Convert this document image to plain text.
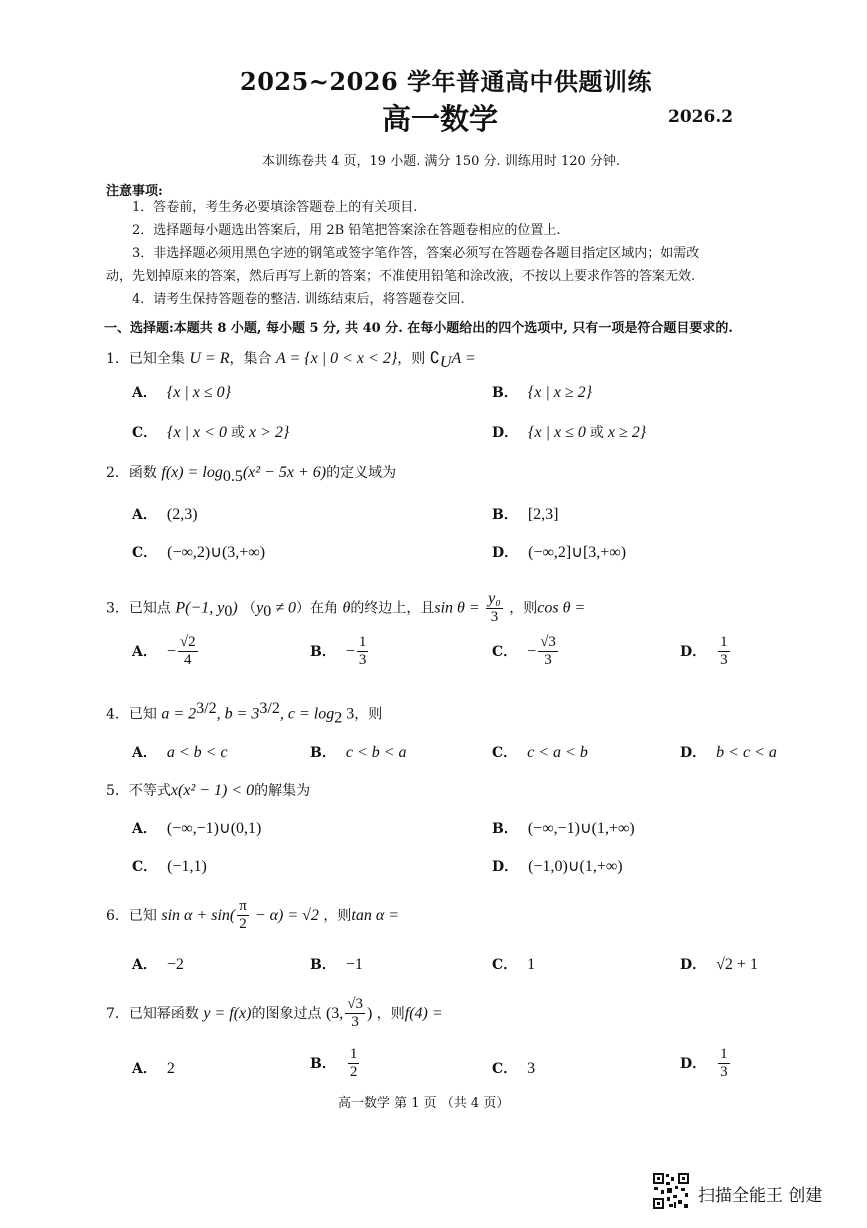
2025~2026 学年普通高中供题训练
高一数学	2026.2
本训练卷共 4 页，19 小题. 满分 150 分. 训练用时 120 分钟.
注意事项:
1．答卷前，考生务必要填涂答题卷上的有关项目.
2．选择题每小题选出答案后，用 2B 铅笔把答案涂在答题卷相应的位置上.
3．非选择题必须用黑色字迹的钢笔或签字笔作答，答案必须写在答题卷各题目指定区域内；如需改
动，先划掉原来的答案，然后再写上新的答案；不准使用铅笔和涂改液，不按以上要求作答的答案无效.
4．请考生保持答题卷的整洁. 训练结束后，将答题卷交回.
一、选择题:本题共 8 小题, 每小题 5 分, 共 40 分. 在每小题给出的四个选项中, 只有一项是符合题目要求的.
1．已知全集 U = R，集合 A = {x | 0 < x < 2}，则 $∁_UA$ =
A． {x | x ≤ 0}	B． {x | x ≥ 2}
C． {x | x < 0 或 x > 2}	D． {x | x ≤ 0 或 x ≥ 2}
2．函数 $f(x) = \log_{0.5}(x^2 - 5x + 6)$的定义域为
A． (2,3)	B． [2,3]
C． (−∞,2)∪(3,+∞)	D． (−∞,2]∪[3,+∞)
3．已知点 P(−1, $y_0$) $(y_0 \ne 0)$在角 θ的终边上，且$\sin \theta = \frac{\text{y₀}}{3}$ ，则cos θ =
A． − $\frac{√2}{4}$	B． − $\frac{1}{3}$	C． − $\frac{√3}{3}$	D． $\frac{1}{3}$
4．已知 $a = 2^{3/2}$, $b = 3^{3/2}$, $c = \log_2 3$，则
A． a < b < c	B． c < b < a	C． c < a < b	D． b < c < a
5．不等式x(x² − 1) < 0的解集为
A． (−∞,−1)∪(0,1)	B． (−∞,−1)∪(1,+∞)
C． (−1,1)	D． (−1,0)∪(1,+∞)
6．已知 $\sin \alpha + \sin( \frac{\pi}{2} - \alpha) = √2$ ，则tan α =
A． −2	B． −1	C． 1	D． √2 + 1
7．已知幂函数 y = f(x)的图象过点 (3, $\frac{√3}{3}$ ) ，则f(4) =
A． 2	B． $\frac{1}{2}$	C． 3	D． $\frac{1}{3}$
高一数学 第 1 页 （共 4 页）
扫描全能王 创建
